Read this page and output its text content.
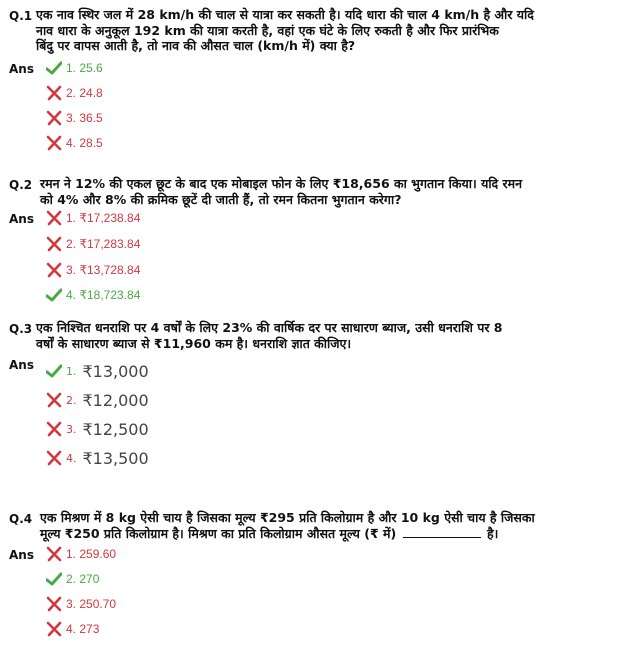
Q.1 एक नाव स्थिर जल में 28 km/h की चाल से यात्रा कर सकती है। यदि धारा की चाल 4 km/h है और यदि
नाव धारा के अनुकूल 192 km की यात्रा करती है, वहां एक घंटे के लिए रुकती है और फिर प्रारंभिक
बिंदु पर वापस आती है, तो नाव की औसत चाल (km/h में) क्या है?
Ans	1. 25.6
2. 24.8
3. 36.5
4. 28.5
Q.2 रमन ने 12% की एकल छूट के बाद एक मोबाइल फोन के लिए ₹18,656 का भुगतान किया। यदि रमन
को 4% और 8% की क्रमिक छूटें दी जाती हैं, तो रमन कितना भुगतान करेगा?
Ans	1. ₹17,238.84
2. ₹17,283.84
3. ₹13,728.84
4. ₹18,723.84
Q.3 एक निश्चित धनराशि पर 4 वर्षों के लिए 23% की वार्षिक दर पर साधारण ब्याज, उसी धनराशि पर 8
वर्षों के साधारण ब्याज से ₹11,960 कम है। धनराशि ज्ञात कीजिए।
Ans	1. ₹13,000
2. ₹12,000
3. ₹12,500
4. ₹13,500
Q.4 एक मिश्रण में 8 kg ऐसी चाय है जिसका मूल्य ₹295 प्रति किलोग्राम है और 10 kg ऐसी चाय है जिसका
मूल्य ₹250 प्रति किलोग्राम है। मिश्रण का प्रति किलोग्राम औसत मूल्य (₹ में)	है।
Ans	1. 259.60
2. 270
3. 250.70
4. 273
